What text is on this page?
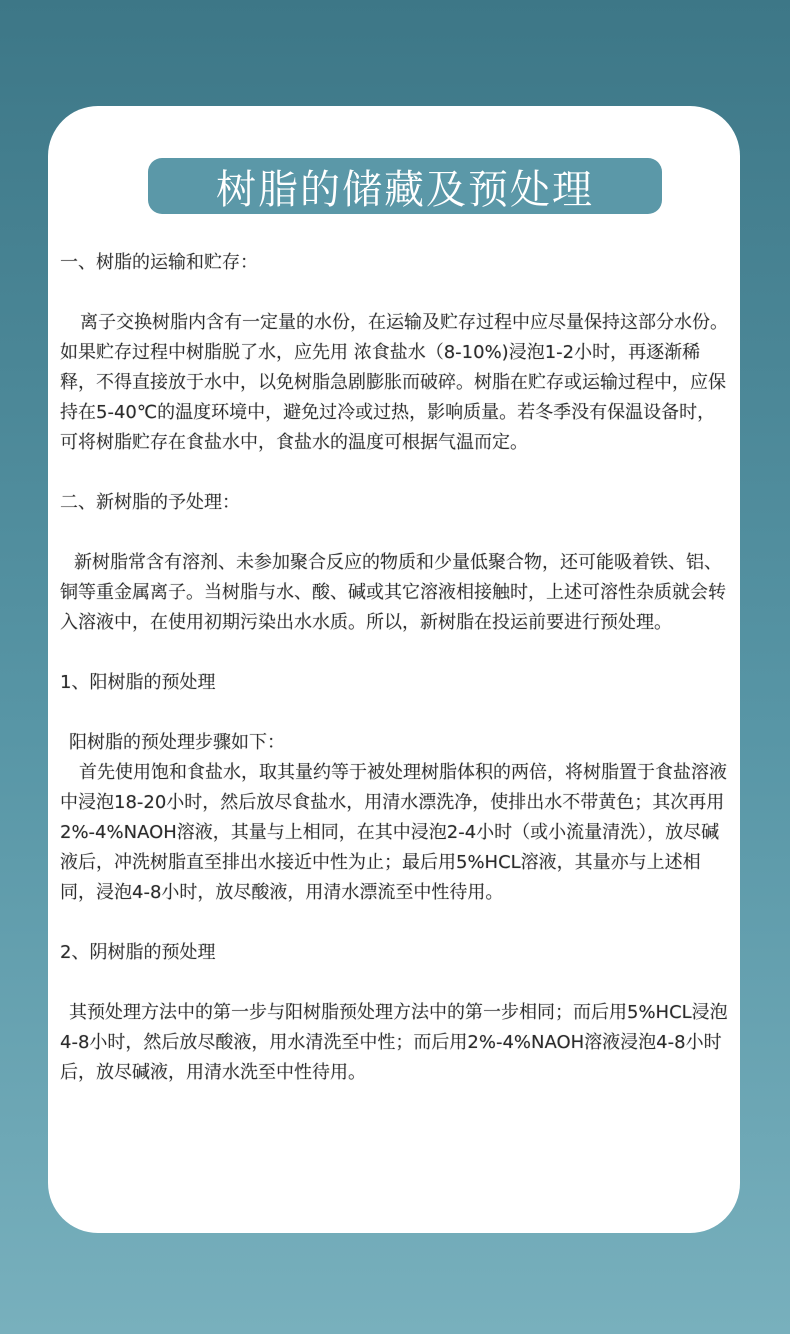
树脂的储藏及预处理

一、树脂的运输和贮存：

离子交换树脂内含有一定量的水份，在运输及贮存过程中应尽量保持这部分水份。如果贮存过程中树脂脱了水，应先用 浓食盐水（8-10%)浸泡1-2小时，再逐渐稀释，不得直接放于水中，以免树脂急剧膨胀而破碎。树脂在贮存或运输过程中，应保持在5-40℃的温度环境中，避免过冷或过热，影响质量。若冬季没有保温设备时，可将树脂贮存在食盐水中，食盐水的温度可根据气温而定。

二、新树脂的予处理：

新树脂常含有溶剂、未参加聚合反应的物质和少量低聚合物，还可能吸着铁、铝、铜等重金属离子。当树脂与水、酸、碱或其它溶液相接触时，上述可溶性杂质就会转入溶液中，在使用初期污染出水水质。所以，新树脂在投运前要进行预处理。

1、阳树脂的预处理

阳树脂的预处理步骤如下：

首先使用饱和食盐水，取其量约等于被处理树脂体积的两倍，将树脂置于食盐溶液中浸泡18-20小时，然后放尽食盐水，用清水漂洗净，使排出水不带黄色；其次再用2%-4%NAOH溶液，其量与上相同，在其中浸泡2-4小时（或小流量清洗），放尽碱液后，冲洗树脂直至排出水接近中性为止；最后用5%HCL溶液，其量亦与上述相同，浸泡4-8小时，放尽酸液，用清水漂流至中性待用。

2、阴树脂的预处理

其预处理方法中的第一步与阳树脂预处理方法中的第一步相同；而后用5%HCL浸泡4-8小时，然后放尽酸液，用水清洗至中性；而后用2%-4%NAOH溶液浸泡4-8小时后，放尽碱液，用清水洗至中性待用。
